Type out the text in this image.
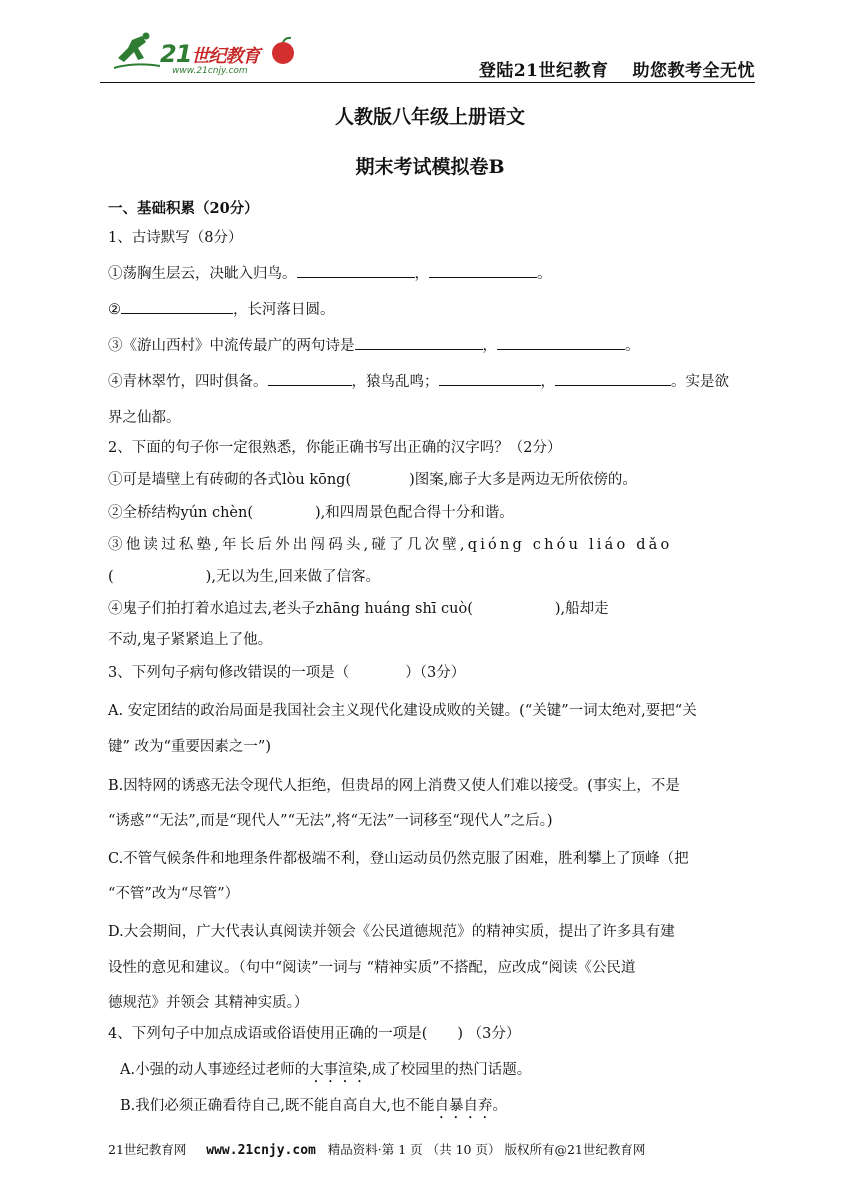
21世纪教育
www.21cnjy.com	登陆21世纪教育 助您教考全无忧
人教版八年级上册语文
期末考试模拟卷B
一、基础积累（20分）
1、古诗默写（8分）
①荡胸生层云，决眦入归鸟。	，	。
②	，长河落日圆。
③《游山西村》中流传最广的两句诗是	，	。
④青林翠竹，四时俱备。	，猿鸟乱鸣；	，	。实是欲
界之仙都。
2、下面的句子你一定很熟悉，你能正确书写出正确的汉字吗？（2分）
①可是墙壁上有砖砌的各式lòu kōng(	)图案,廊子大多是两边无所依傍的。
②全桥结构yún chèn(	),和四周景色配合得十分和谐。
③他读过私塾,年长后外出闯码头,碰了几次壁,qióng chóu liáo dǎo
(	),无以为生,回来做了信客。
④鬼子们拍打着水追过去,老头子zhāng huáng shī cuò(	),船却走
不动,鬼子紧紧追上了他。
3、下列句子病句修改错误的一项是（	）（3分）
A. 安定团结的政治局面是我国社会主义现代化建设成败的关键。(“关键”一词太绝对,要把“关
键” 改为“重要因素之一”)
B.因特网的诱惑无法令现代人拒绝，但贵昂的网上消费又使人们难以接受。(事实上，不是
“诱惑”“无法”,而是“现代人”“无法”,将“无法”一词移至“现代人”之后。)
C.不管气候条件和地理条件都极端不利，登山运动员仍然克服了困难，胜利攀上了顶峰（把
“不管”改为“尽管”）
D.大会期间，广大代表认真阅读并领会《公民道德规范》的精神实质，提出了许多具有建
设性的意见和建议。（句中“阅读”一词与 “精神实质”不搭配，应改成“阅读《公民道
德规范》并领会 其精神实质。）
4、下列句子中加点成语或俗语使用正确的一项是( ) （3分）
A.小强的动人事迹经过老师的大事渲染,成了校园里的热门话题。
B.我们必须正确看待自己,既不能自高自大,也不能自暴自弃。
21世纪教育网 www.21cnjy.com 精品资料·第 1 页 （共 10 页） 版权所有@21世纪教育网
